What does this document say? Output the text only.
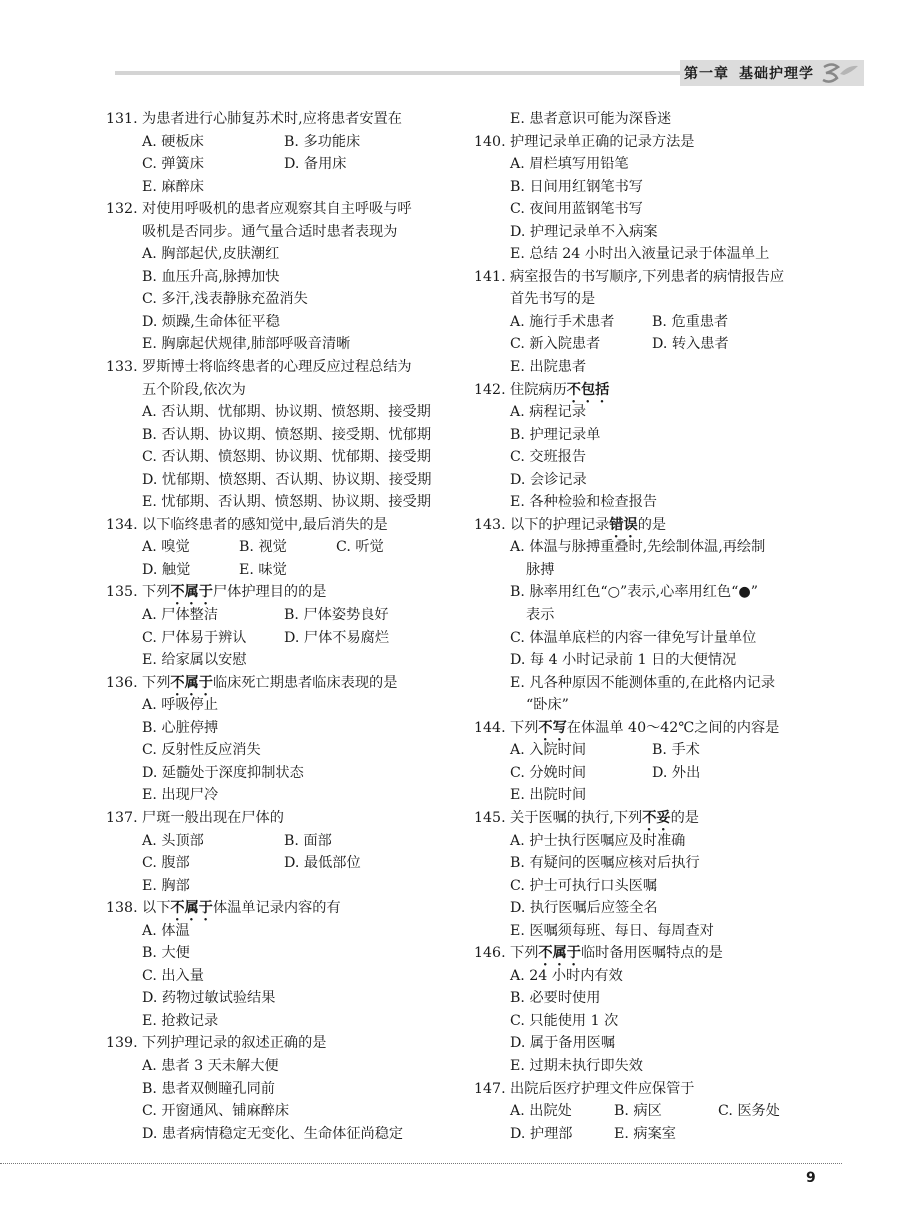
第一章 基础护理学
131. 为患者进行心肺复苏术时,应将患者安置在
A. 硬板床	B. 多功能床
C. 弹簧床	D. 备用床
E. 麻醉床
132. 对使用呼吸机的患者应观察其自主呼吸与呼
吸机是否同步。通气量合适时患者表现为
A. 胸部起伏,皮肤潮红
B. 血压升高,脉搏加快
C. 多汗,浅表静脉充盈消失
D. 烦躁,生命体征平稳
E. 胸廓起伏规律,肺部呼吸音清晰
133. 罗斯博士将临终患者的心理反应过程总结为
五个阶段,依次为
A. 否认期、忧郁期、协议期、愤怒期、接受期
B. 否认期、协议期、愤怒期、接受期、忧郁期
C. 否认期、愤怒期、协议期、忧郁期、接受期
D. 忧郁期、愤怒期、否认期、协议期、接受期
E. 忧郁期、否认期、愤怒期、协议期、接受期
134. 以下临终患者的感知觉中,最后消失的是
A. 嗅觉	B. 视觉	C. 听觉
D. 触觉	E. 味觉
135. 下列 不属于 尸体护理目的的是
A. 尸体整洁	B. 尸体姿势良好
C. 尸体易于辨认	D. 尸体不易腐烂
E. 给家属以安慰
136. 下列 不属于 临床死亡期患者临床表现的是
A. 呼吸停止
B. 心脏停搏
C. 反射性反应消失
D. 延髓处于深度抑制状态
E. 出现尸冷
137. 尸斑一般出现在尸体的
A. 头顶部	B. 面部
C. 腹部	D. 最低部位
E. 胸部
138. 以下 不属于 体温单记录内容的有
A. 体温
B. 大便
C. 出入量
D. 药物过敏试验结果
E. 抢救记录
139. 下列护理记录的叙述正确的是
A. 患者 3 天未解大便
B. 患者双侧瞳孔同前
C. 开窗通风、铺麻醉床
D. 患者病情稳定无变化、生命体征尚稳定
E. 患者意识可能为深昏迷
140. 护理记录单正确的记录方法是
A. 眉栏填写用铅笔
B. 日间用红钢笔书写
C. 夜间用蓝钢笔书写
D. 护理记录单不入病案
E. 总结 24 小时出入液量记录于体温单上
141. 病室报告的书写顺序,下列患者的病情报告应
首先书写的是
A. 施行手术患者	B. 危重患者
C. 新入院患者	D. 转入患者
E. 出院患者
142. 住院病历 不包括
A. 病程记录
B. 护理记录单
C. 交班报告
D. 会诊记录
E. 各种检验和检查报告
143. 以下的护理记录 错误 的是
A. 体温与脉搏重叠时,先绘制体温,再绘制
脉搏
B. 脉率用红色“○”表示,心率用红色“●”
表示
C. 体温单底栏的内容一律免写计量单位
D. 每 4 小时记录前 1 日的大便情况
E. 凡各种原因不能测体重的,在此格内记录
“卧床”
144. 下列 不写 在体温单 40～42℃之间的内容是
A. 入院时间	B. 手术
C. 分娩时间	D. 外出
E. 出院时间
145. 关于医嘱的执行,下列 不妥 的是
A. 护士执行医嘱应及时准确
B. 有疑问的医嘱应核对后执行
C. 护士可执行口头医嘱
D. 执行医嘱后应签全名
E. 医嘱须每班、每日、每周查对
146. 下列 不属于 临时备用医嘱特点的是
A. 24 小时内有效
B. 必要时使用
C. 只能使用 1 次
D. 属于备用医嘱
E. 过期未执行即失效
147. 出院后医疗护理文件应保管于
A. 出院处	B. 病区	C. 医务处
D. 护理部	E. 病案室
9
